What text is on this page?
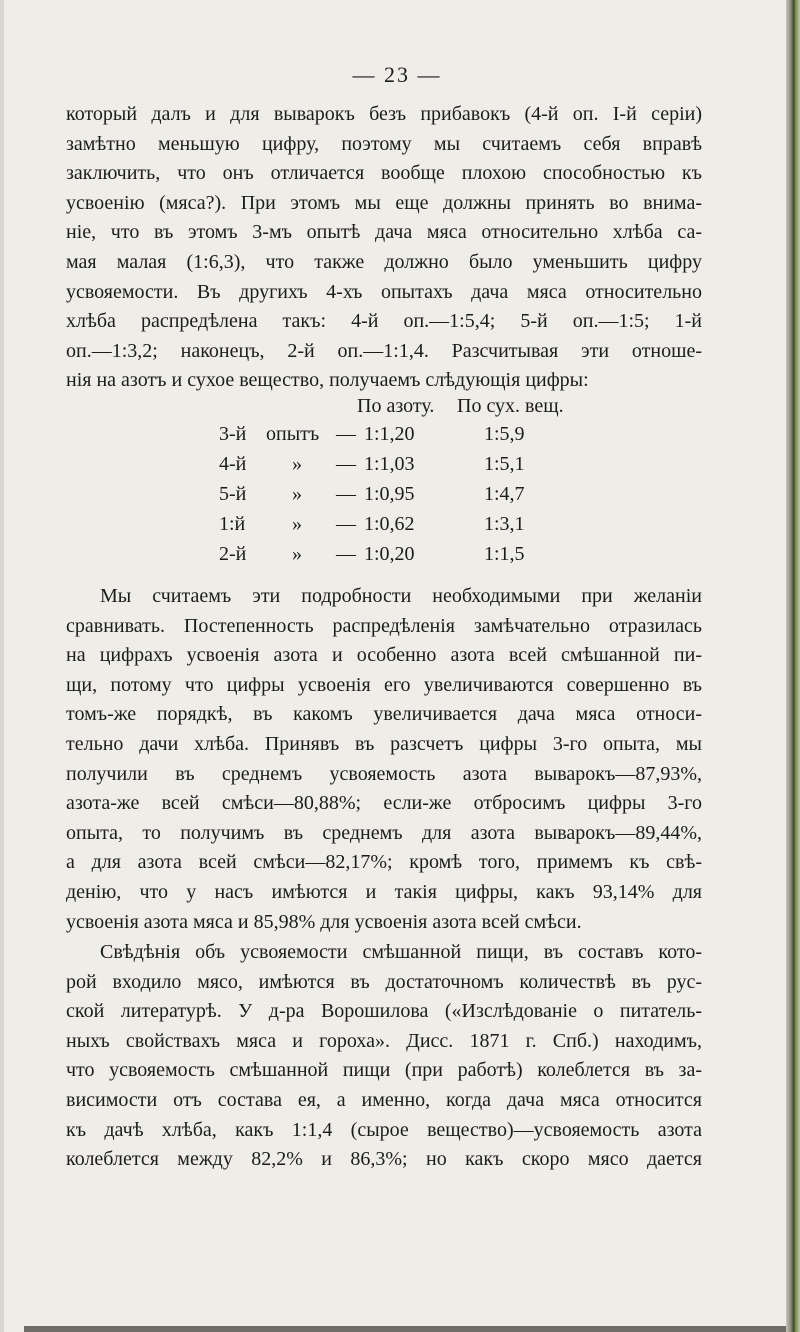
— 23 —
который далъ и для выварокъ безъ прибавокъ (4-й оп. I-й серіи)
замѣтно меньшую цифру, поэтому мы считаемъ себя вправѣ
заключить, что онъ отличается вообще плохою способностью къ
усвоенію (мяса?). При этомъ мы еще должны принять во внима-
ніе, что въ этомъ 3-мъ опытѣ дача мяса относительно хлѣба са-
мая малая (1:6,3), что также должно было уменьшить цифру
усвояемости. Въ другихъ 4-хъ опытахъ дача мяса относительно
хлѣба распредѣлена такъ: 4-й оп.—1:5,4; 5-й оп.—1:5; 1-й
оп.—1:3,2; наконецъ, 2-й оп.—1:1,4. Разсчитывая эти отноше-
нія на азотъ и сухое вещество, получаемъ слѣдующія цифры:
По азоту. По сух. вещ.
3-й опытъ — 1:1,20	1:5,9
4-й » — 1:1,03	1:5,1
5-й » — 1:0,95	1:4,7
1:й » — 1:0,62	1:3,1
2-й » — 1:0,20	1:1,5
Мы считаемъ эти подробности необходимыми при желаніи
сравнивать. Постепенность распредѣленія замѣчательно отразилась
на цифрахъ усвоенія азота и особенно азота всей смѣшанной пи-
щи, потому что цифры усвоенія его увеличиваются совершенно въ
томъ-же порядкѣ, въ какомъ увеличивается дача мяса относи-
тельно дачи хлѣба. Принявъ въ разсчетъ цифры 3-го опыта, мы
получили въ среднемъ усвояемость азота выварокъ—87,93%,
азота-же всей смѣси—80,88%; если-же отбросимъ цифры 3-го
опыта, то получимъ въ среднемъ для азота выварокъ—89,44%,
а для азота всей смѣси—82,17%; кромѣ того, примемъ къ свѣ-
денію, что у насъ имѣются и такія цифры, какъ 93,14% для
усвоенія азота мяса и 85,98% для усвоенія азота всей смѣси.
Свѣдѣнія объ усвояемости смѣшанной пищи, въ составъ кото-
рой входило мясо, имѣются въ достаточномъ количествѣ въ рус-
ской литературѣ. У д-ра Ворошилова («Изслѣдованіе о питатель-
ныхъ свойствахъ мяса и гороха». Дисс. 1871 г. Спб.) находимъ,
что усвояемость смѣшанной пищи (при работѣ) колеблется въ за-
висимости отъ состава ея, а именно, когда дача мяса относится
къ дачѣ хлѣба, какъ 1:1,4 (сырое вещество)—усвояемость азота
колеблется между 82,2% и 86,3%; но какъ скоро мясо дается
